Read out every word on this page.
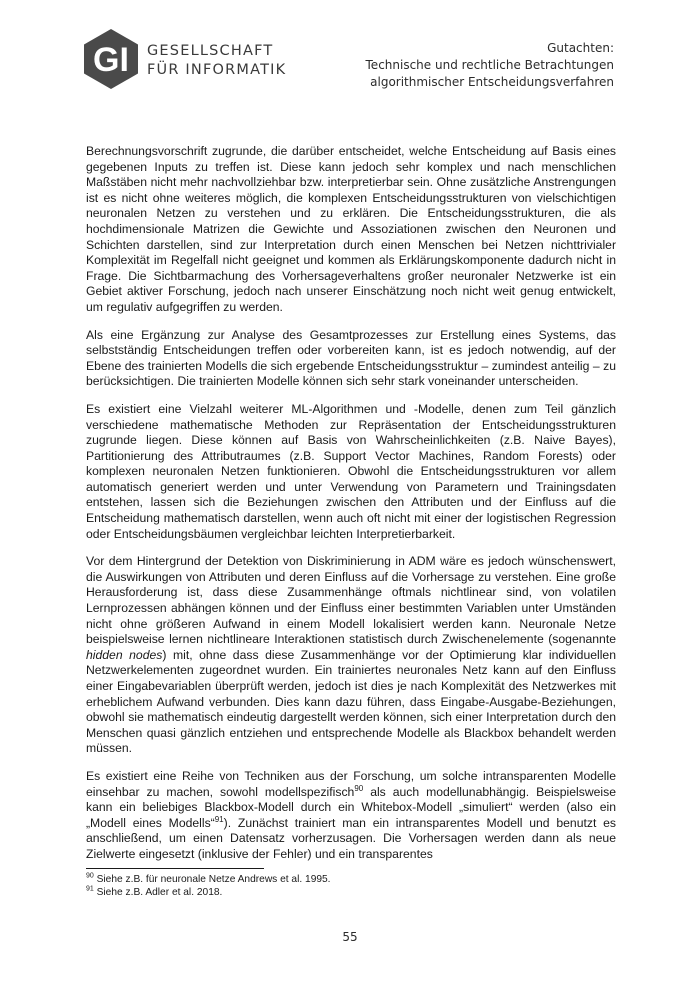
GI GESELLSCHAFT
FÜR INFORMATIK
Gutachten:
Technische und rechtliche Betrachtungen
algorithmischer Entscheidungsverfahren

Berechnungsvorschrift zugrunde, die darüber entscheidet, welche Entscheidung auf Basis eines gegebenen Inputs zu treffen ist. Diese kann jedoch sehr komplex und nach menschlichen Maßstäben nicht mehr nachvollziehbar bzw. interpretierbar sein. Ohne zusätzliche Anstrengungen ist es nicht ohne weiteres möglich, die komplexen Entscheidungsstrukturen von vielschichtigen neuronalen Netzen zu verstehen und zu erklären. Die Entscheidungsstrukturen, die als hochdimensionale Matrizen die Gewichte und Assoziationen zwischen den Neuronen und Schichten darstellen, sind zur Interpretation durch einen Menschen bei Netzen nichttrivialer Komplexität im Regelfall nicht geeignet und kommen als Erklärungskomponente dadurch nicht in Frage. Die Sichtbarmachung des Vorhersageverhaltens großer neuronaler Netzwerke ist ein Gebiet aktiver Forschung, jedoch nach unserer Einschätzung noch nicht weit genug entwickelt, um regulativ aufgegriffen zu werden.

Als eine Ergänzung zur Analyse des Gesamtprozesses zur Erstellung eines Systems, das selbstständig Entscheidungen treffen oder vorbereiten kann, ist es jedoch notwendig, auf der Ebene des trainierten Modells die sich ergebende Entscheidungsstruktur – zumindest anteilig – zu berücksichtigen. Die trainierten Modelle können sich sehr stark voneinander unterscheiden.

Es existiert eine Vielzahl weiterer ML-Algorithmen und -Modelle, denen zum Teil gänzlich verschiedene mathematische Methoden zur Repräsentation der Entscheidungsstrukturen zugrunde liegen. Diese können auf Basis von Wahrscheinlichkeiten (z.B. Naive Bayes), Partitionierung des Attributraumes (z.B. Support Vector Machines, Random Forests) oder komplexen neuronalen Netzen funktionieren. Obwohl die Entscheidungsstrukturen vor allem automatisch generiert werden und unter Verwendung von Parametern und Trainingsdaten entstehen, lassen sich die Beziehungen zwischen den Attributen und der Einfluss auf die Entscheidung mathematisch darstellen, wenn auch oft nicht mit einer der logistischen Regression oder Entscheidungsbäumen vergleichbar leichten Interpretierbarkeit.

Vor dem Hintergrund der Detektion von Diskriminierung in ADM wäre es jedoch wünschenswert, die Auswirkungen von Attributen und deren Einfluss auf die Vorhersage zu verstehen. Eine große Herausforderung ist, dass diese Zusammenhänge oftmals nichtlinear sind, von volatilen Lernprozessen abhängen können und der Einfluss einer bestimmten Variablen unter Umständen nicht ohne größeren Aufwand in einem Modell lokalisiert werden kann. Neuronale Netze beispielsweise lernen nichtlineare Interaktionen statistisch durch Zwischenelemente (sogenannte hidden nodes) mit, ohne dass diese Zusammenhänge vor der Optimierung klar individuellen Netzwerkelementen zugeordnet wurden. Ein trainiertes neuronales Netz kann auf den Einfluss einer Eingabevariablen überprüft werden, jedoch ist dies je nach Komplexität des Netzwerkes mit erheblichem Aufwand verbunden. Dies kann dazu führen, dass Eingabe-Ausgabe-Beziehungen, obwohl sie mathematisch eindeutig dargestellt werden können, sich einer Interpretation durch den Menschen quasi gänzlich entziehen und entsprechende Modelle als Blackbox behandelt werden müssen.

Es existiert eine Reihe von Techniken aus der Forschung, um solche intransparenten Modelle einsehbar zu machen, sowohl modellspezifisch$^{90}$ als auch modellunabhängig. Beispielsweise kann ein beliebiges Blackbox-Modell durch ein Whitebox-Modell „simuliert“ werden (also ein „Modell eines Modells“$^{91}$). Zunächst trainiert man ein intransparentes Modell und benutzt es anschließend, um einen Datensatz vorherzusagen. Die Vorhersagen werden dann als neue Zielwerte eingesetzt (inklusive der Fehler) und ein transparentes

$^{90}$ Siehe z.B. für neuronale Netze Andrews et al. 1995.
$^{91}$ Siehe z.B. Adler et al. 2018.
55
